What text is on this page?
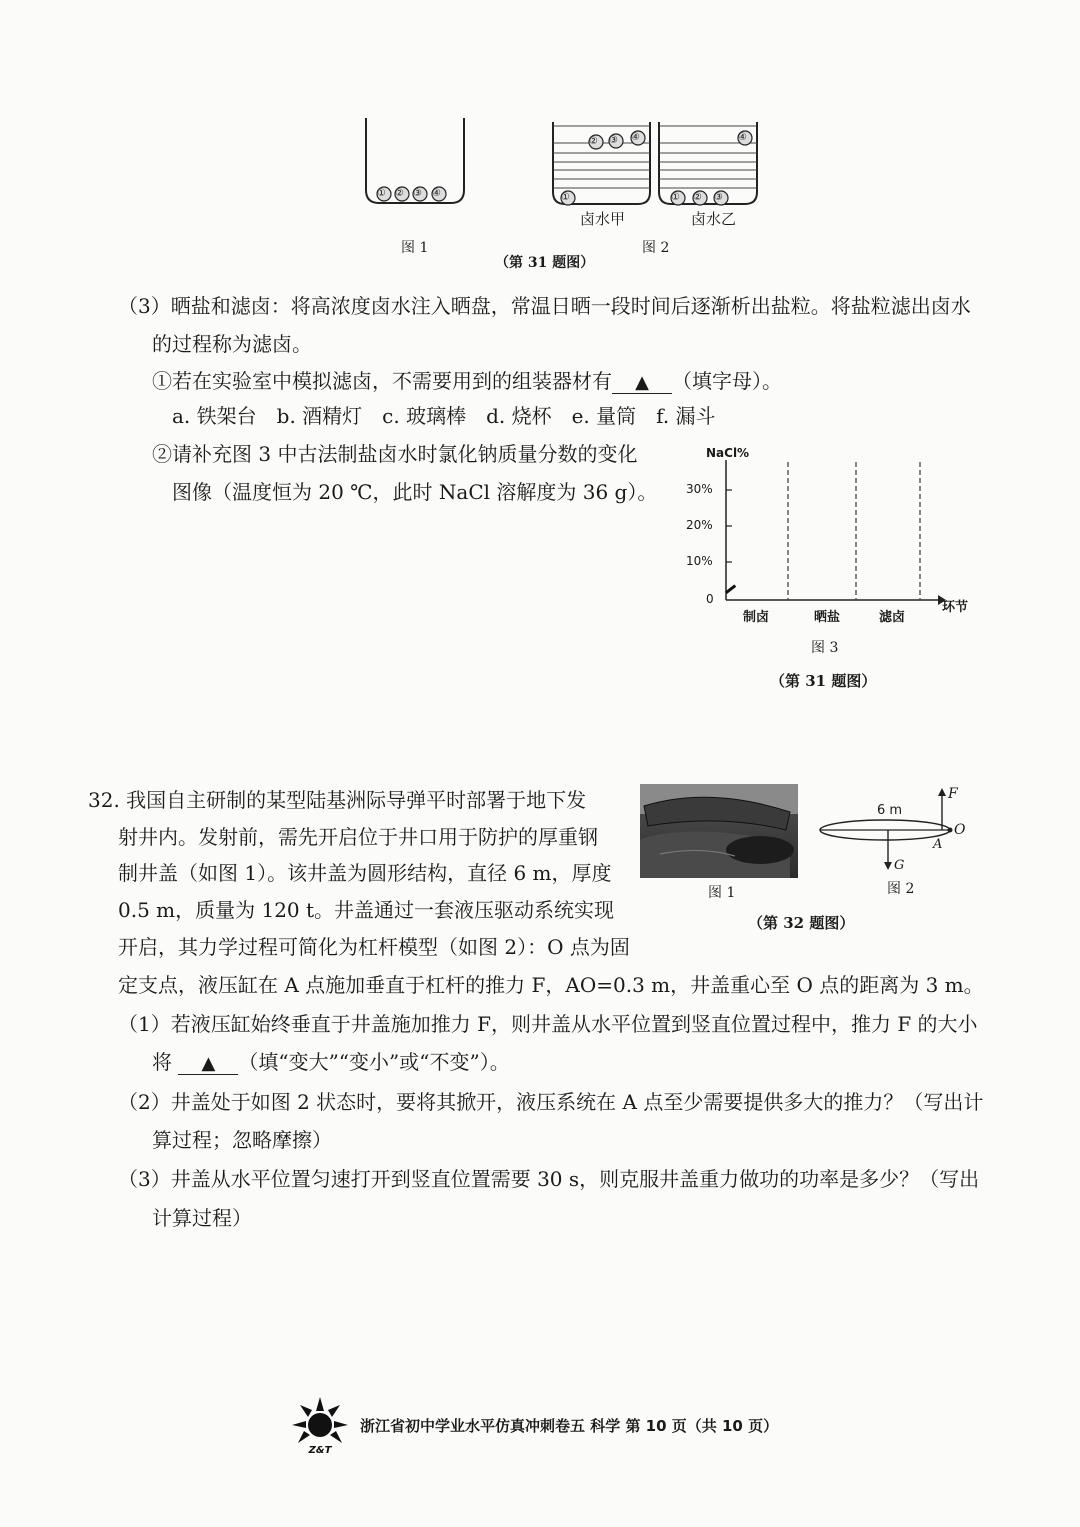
① ② ③ ④
② ③ ④
①
④
① ② ③
卤水甲	卤水乙
图 1	图 2
（第 31 题图）
（3）晒盐和滤卤：将高浓度卤水注入晒盘，常温日晒一段时间后逐渐析出盐粒。将盐粒滤出卤水
的过程称为滤卤。
①若在实验室中模拟滤卤，不需要用到的组装器材有 ▲ （填字母）。
a. 铁架台　b. 酒精灯　c. 玻璃棒　d. 烧杯　e. 量筒　f. 漏斗
②请补充图 3 中古法制盐卤水时氯化钠质量分数的变化
图像（温度恒为 20 ℃，此时 NaCl 溶解度为 36 g）。
NaCl%
30%
20%
10%
0
制卤	晒盐	滤卤
环节
图 3
（第 31 题图）
32. 我国自主研制的某型陆基洲际导弹平时部署于地下发
射井内。发射前，需先开启位于井口用于防护的厚重钢
制井盖（如图 1）。该井盖为圆形结构，直径 6 m，厚度
0.5 m，质量为 120 t。井盖通过一套液压驱动系统实现
开启，其力学过程可简化为杠杆模型（如图 2）：O 点为固
定支点，液压缸在 A 点施加垂直于杠杆的推力 F，AO=0.3 m，井盖重心至 O 点的距离为 3 m。
图 1
6 m
F
O
A
G
图 2
（第 32 题图）
（1）若液压缸始终垂直于井盖施加推力 F，则井盖从水平位置到竖直位置过程中，推力 F 的大小
将 ▲ （填“变大”“变小”或“不变”）。
（2）井盖处于如图 2 状态时，要将其掀开，液压系统在 A 点至少需要提供多大的推力？（写出计
算过程；忽略摩擦）
（3）井盖从水平位置匀速打开到竖直位置需要 30 s，则克服井盖重力做功的功率是多少？（写出
计算过程）
Z&T
浙江省初中学业水平仿真冲刺卷五 科学 第 10 页（共 10 页）
